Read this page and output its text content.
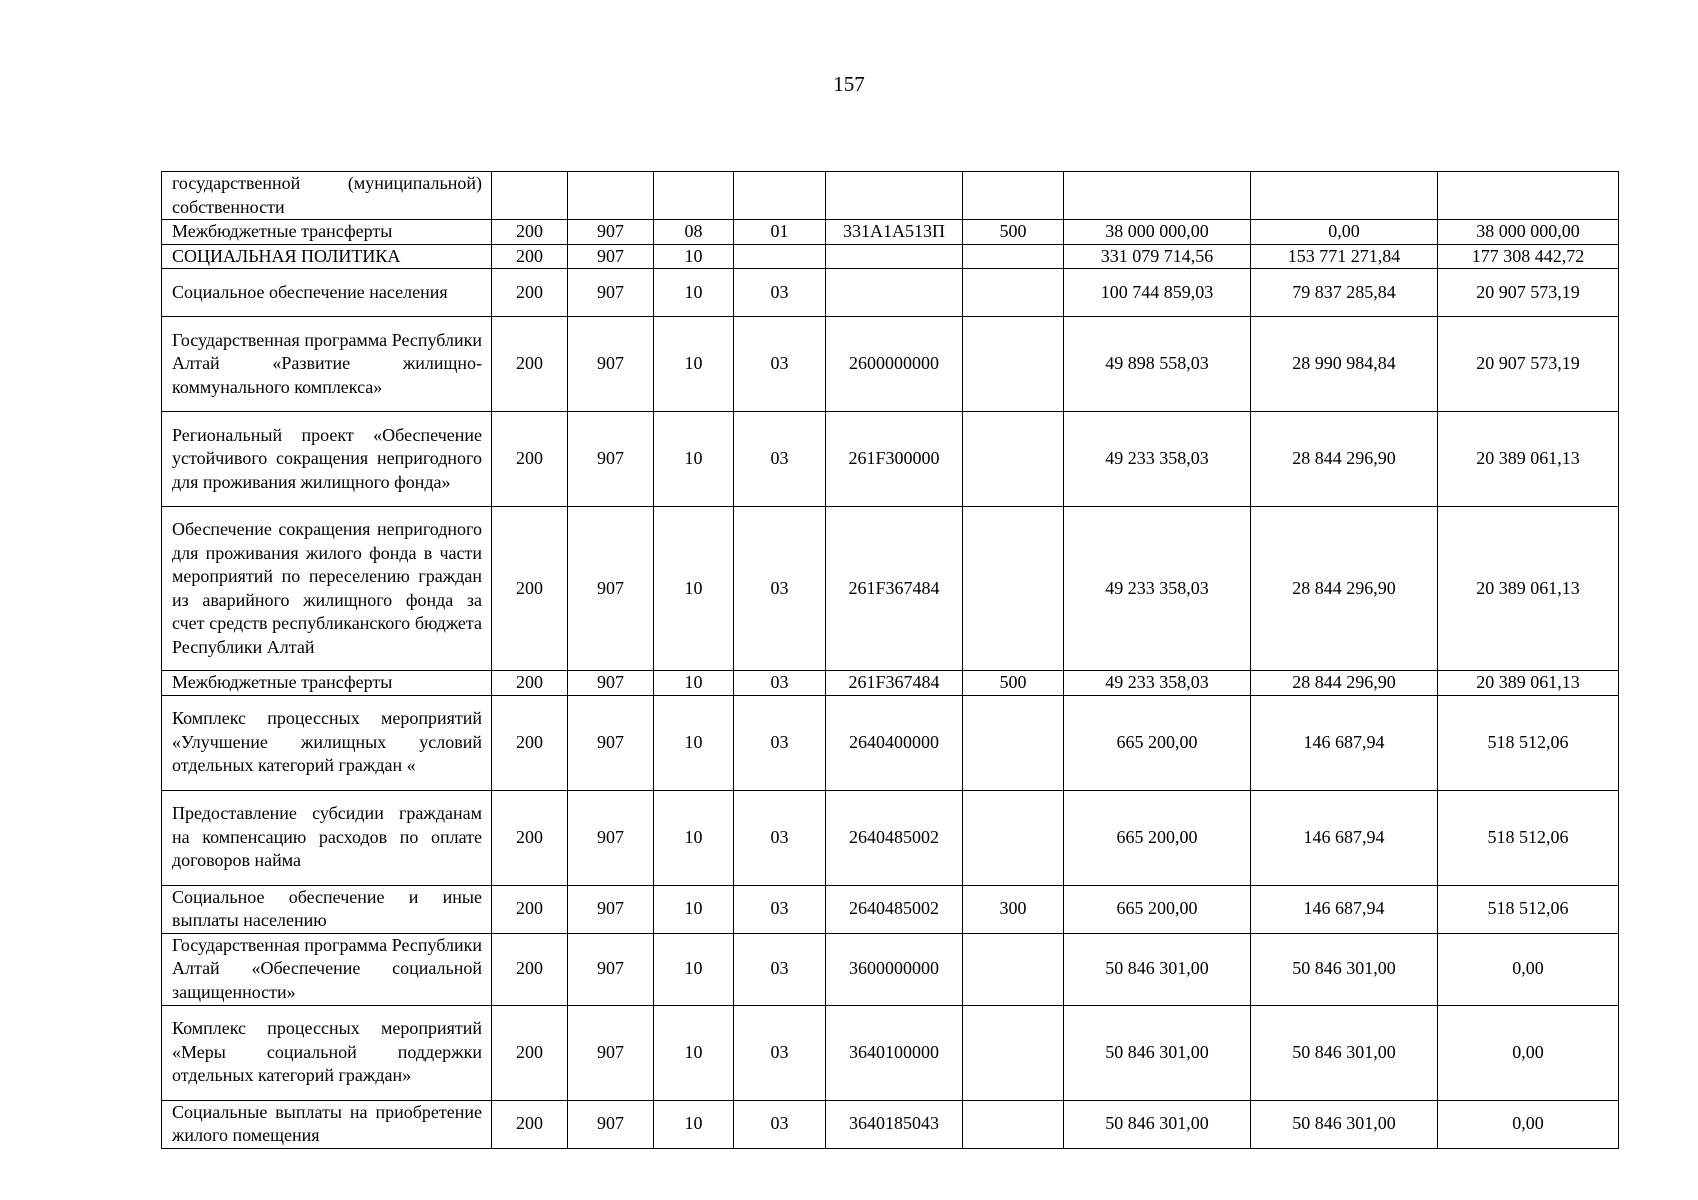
157
государственной (муниципальной) собственности									
Межбюджетные трансферты	200	907	08	01	331А1А513П	500	38 000 000,00	0,00	38 000 000,00
СОЦИАЛЬНАЯ ПОЛИТИКА	200	907	10				331 079 714,56	153 771 271,84	177 308 442,72
Социальное обеспечение населения	200	907	10	03			100 744 859,03	79 837 285,84	20 907 573,19
Государственная программа Республики Алтай «Развитие жилищно-коммунального комплекса»	200	907	10	03	2600000000		49 898 558,03	28 990 984,84	20 907 573,19
Региональный проект «Обеспечение устойчивого сокращения непригодного для проживания жилищного фонда»	200	907	10	03	261F300000		49 233 358,03	28 844 296,90	20 389 061,13
Обеспечение сокращения непригодного для проживания жилого фонда в части мероприятий по переселению граждан из аварийного жилищного фонда за счет средств республиканского бюджета Республики Алтай	200	907	10	03	261F367484		49 233 358,03	28 844 296,90	20 389 061,13
Межбюджетные трансферты	200	907	10	03	261F367484	500	49 233 358,03	28 844 296,90	20 389 061,13
Комплекс процессных мероприятий «Улучшение жилищных условий отдельных категорий граждан «	200	907	10	03	2640400000		665 200,00	146 687,94	518 512,06
Предоставление субсидии гражданам на компенсацию расходов по оплате договоров найма	200	907	10	03	2640485002		665 200,00	146 687,94	518 512,06
Социальное обеспечение и иные выплаты населению	200	907	10	03	2640485002	300	665 200,00	146 687,94	518 512,06
Государственная программа Республики Алтай «Обеспечение социальной защищенности»	200	907	10	03	3600000000		50 846 301,00	50 846 301,00	0,00
Комплекс процессных мероприятий «Меры социальной поддержки отдельных категорий граждан»	200	907	10	03	3640100000		50 846 301,00	50 846 301,00	0,00
Социальные выплаты на приобретение жилого помещения	200	907	10	03	3640185043		50 846 301,00	50 846 301,00	0,00
